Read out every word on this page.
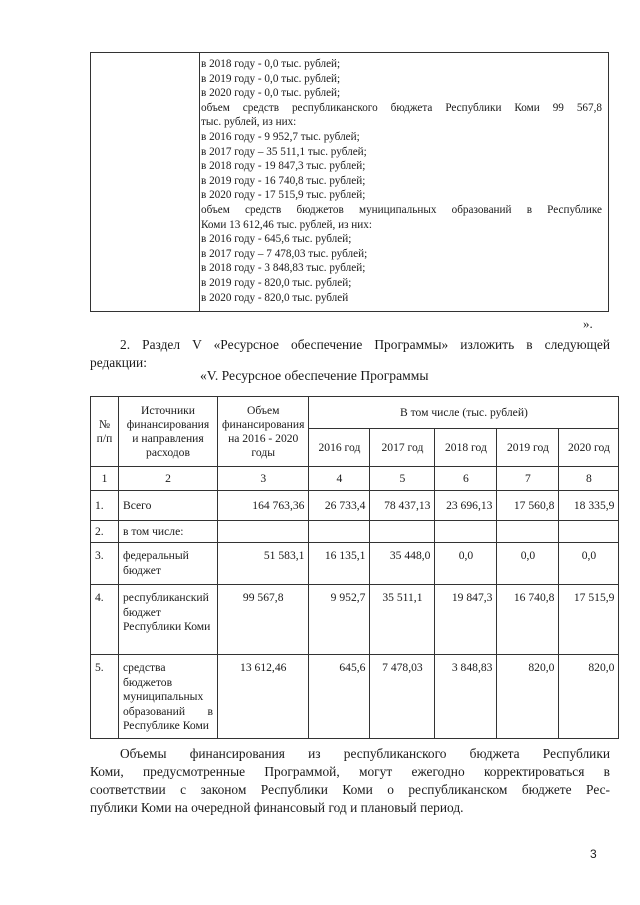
в 2018 году - 0,0 тыс. рублей;
в 2019 году - 0,0 тыс. рублей;
в 2020 году - 0,0 тыс. рублей;
объем средств республиканского бюджета Республики Коми 99 567,8
тыс. рублей, из них:
в 2016 году - 9 952,7 тыс. рублей;
в 2017 году – 35 511,1 тыс. рублей;
в 2018 году - 19 847,3 тыс. рублей;
в 2019 году - 16 740,8 тыс. рублей;
в 2020 году - 17 515,9 тыс. рублей;
объем средств бюджетов муниципальных образований в Республике
Коми 13 612,46 тыс. рублей, из них:
в 2016 году - 645,6 тыс. рублей;
в 2017 году – 7 478,03 тыс. рублей;
в 2018 году - 3 848,83 тыс. рублей;
в 2019 году - 820,0 тыс. рублей;
в 2020 году - 820,0 тыс. рублей
».
2. Раздел V «Ресурсное обеспечение Программы» изложить в следующей
редакции:
«V. Ресурсное обеспечение Программы
№ п/п	Источники финансирования и направления расходов	Объем финансирования на 2016 - 2020 годы	В том числе (тыс. рублей)				
			2016 год	2017 год	2018 год	2019 год	2020 год
1	2	3	4	5	6	7	8
1.	Всего	164 763,36	26 733,4	78 437,13	23 696,13	17 560,8	18 335,9
2.	в том числе:						
3.	федеральный бюджет	51 583,1	16 135,1	35 448,0	0,0	0,0	0,0
4.	республиканский бюджет Республики Коми	99 567,8	9 952,7	35 511,1	19 847,3	16 740,8	17 515,9
5.	средства бюджетов муниципальных образований в Республике Коми	13 612,46	645,6	7 478,03	3 848,83	820,0	820,0
Объемы финансирования из республиканского бюджета Республики
Коми, предусмотренные Программой, могут ежегодно корректироваться в
соответствии с законом Республики Коми о республиканском бюджете Рес-
публики Коми на очередной финансовый год и плановый период.
3
